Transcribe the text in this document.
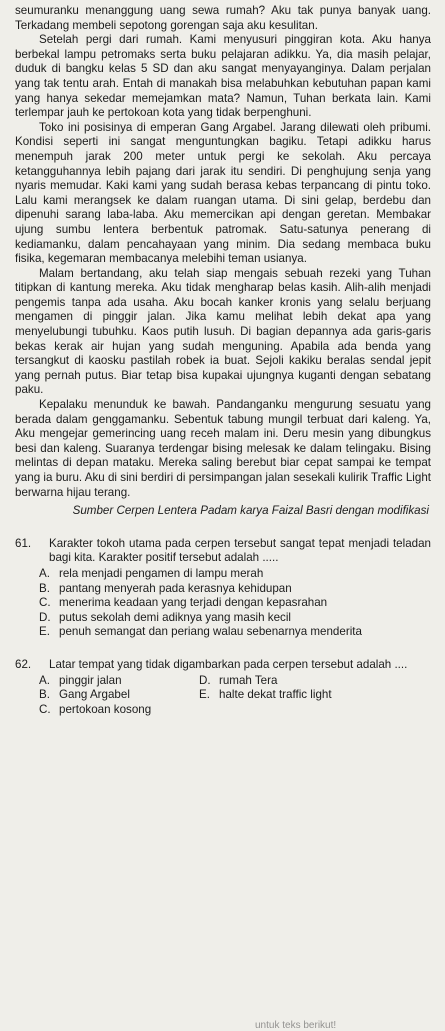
seumuranku menanggung uang sewa rumah? Aku tak punya banyak uang. Terkadang membeli sepotong gorengan saja aku kesulitan.

Setelah pergi dari rumah. Kami menyusuri pinggiran kota. Aku hanya berbekal lampu petromaks serta buku pelajaran adikku. Ya, dia masih pelajar, duduk di bangku kelas 5 SD dan aku sangat menyayanginya. Dalam perjalan yang tak tentu arah. Entah di manakah bisa melabuhkan kebutuhan papan kami yang hanya sekedar memejamkan mata? Namun, Tuhan berkata lain. Kami terlempar jauh ke pertokoan kota yang tidak berpenghuni.

Toko ini posisinya di emperan Gang Argabel. Jarang dilewati oleh pribumi. Kondisi seperti ini sangat menguntungkan bagiku. Tetapi adikku harus menempuh jarak 200 meter untuk pergi ke sekolah. Aku percaya ketangguhannya lebih pajang dari jarak itu sendiri. Di penghujung senja yang nyaris memudar. Kaki kami yang sudah berasa kebas terpancang di pintu toko. Lalu kami merangsek ke dalam ruangan utama. Di sini gelap, berdebu dan dipenuhi sarang laba-laba. Aku memercikan api dengan geretan. Membakar ujung sumbu lentera berbentuk patromak. Satu-satunya penerang di kediamanku, dalam pencahayaan yang minim. Dia sedang membaca buku fisika, kegemaran membacanya melebihi teman usianya.

Malam bertandang, aku telah siap mengais sebuah rezeki yang Tuhan titipkan di kantung mereka. Aku tidak mengharap belas kasih. Alih-alih menjadi pengemis tanpa ada usaha. Aku bocah kanker kronis yang selalu berjuang mengamen di pinggir jalan. Jika kamu melihat lebih dekat apa yang menyelubungi tubuhku. Kaos putih lusuh. Di bagian depannya ada garis-garis bekas kerak air hujan yang sudah menguning. Apabila ada benda yang tersangkut di kaosku pastilah robek ia buat. Sejoli kakiku beralas sendal jepit yang pernah putus. Biar tetap bisa kupakai ujungnya kuganti dengan sebatang paku.

Kepalaku menunduk ke bawah. Pandanganku mengurung sesuatu yang berada dalam genggamanku. Sebentuk tabung mungil terbuat dari kaleng. Ya, Aku mengejar gemerincing uang receh malam ini. Deru mesin yang dibungkus besi dan kaleng. Suaranya terdengar bising melesak ke dalam telingaku. Bising melintas di depan mataku. Mereka saling berebut biar cepat sampai ke tempat yang ia buru. Aku di sini berdiri di persimpangan jalan sesekali kulirik Traffic Light berwarna hijau terang.

Sumber Cerpen Lentera Padam karya Faizal Basri dengan modifikasi

61.	Karakter tokoh utama pada cerpen tersebut sangat tepat menjadi teladan bagi kita. Karakter positif tersebut adalah .....
A. rela menjadi pengamen di lampu merah
B. pantang menyerah pada kerasnya kehidupan
C. menerima keadaan yang terjadi dengan kepasrahan
D. putus sekolah demi adiknya yang masih kecil
E. penuh semangat dan periang walau sebenarnya menderita
62.	Latar tempat yang tidak digambarkan pada cerpen tersebut adalah ....
A. pinggir jalan	D. rumah Tera
B. Gang Argabel	E. halte dekat traffic light
C. pertokoan kosong
untuk teks berikut!
